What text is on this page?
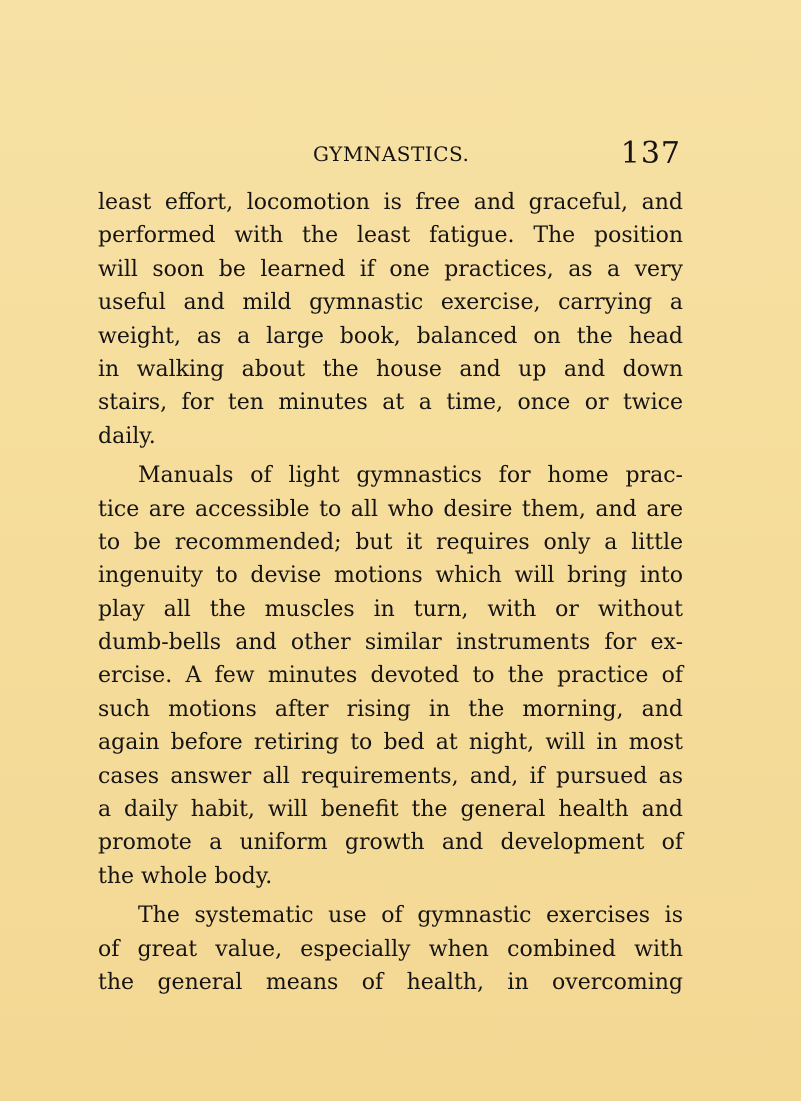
GYMNASTICS.	137
least effort, locomotion is free and graceful, and
performed with the least fatigue. The position
will soon be learned if one practices, as a very
useful and mild gymnastic exercise, carrying a
weight, as a large book, balanced on the head
in walking about the house and up and down
stairs, for ten minutes at a time, once or twice
daily.
Manuals of light gymnastics for home prac-
tice are accessible to all who desire them, and are
to be recommended; but it requires only a little
ingenuity to devise motions which will bring into
play all the muscles in turn, with or without
dumb-bells and other similar instruments for ex-
ercise. A few minutes devoted to the practice of
such motions after rising in the morning, and
again before retiring to bed at night, will in most
cases answer all requirements, and, if pursued as
a daily habit, will benefit the general health and
promote a uniform growth and development of
the whole body.
The systematic use of gymnastic exercises is
of great value, especially when combined with
the general means of health, in overcoming
